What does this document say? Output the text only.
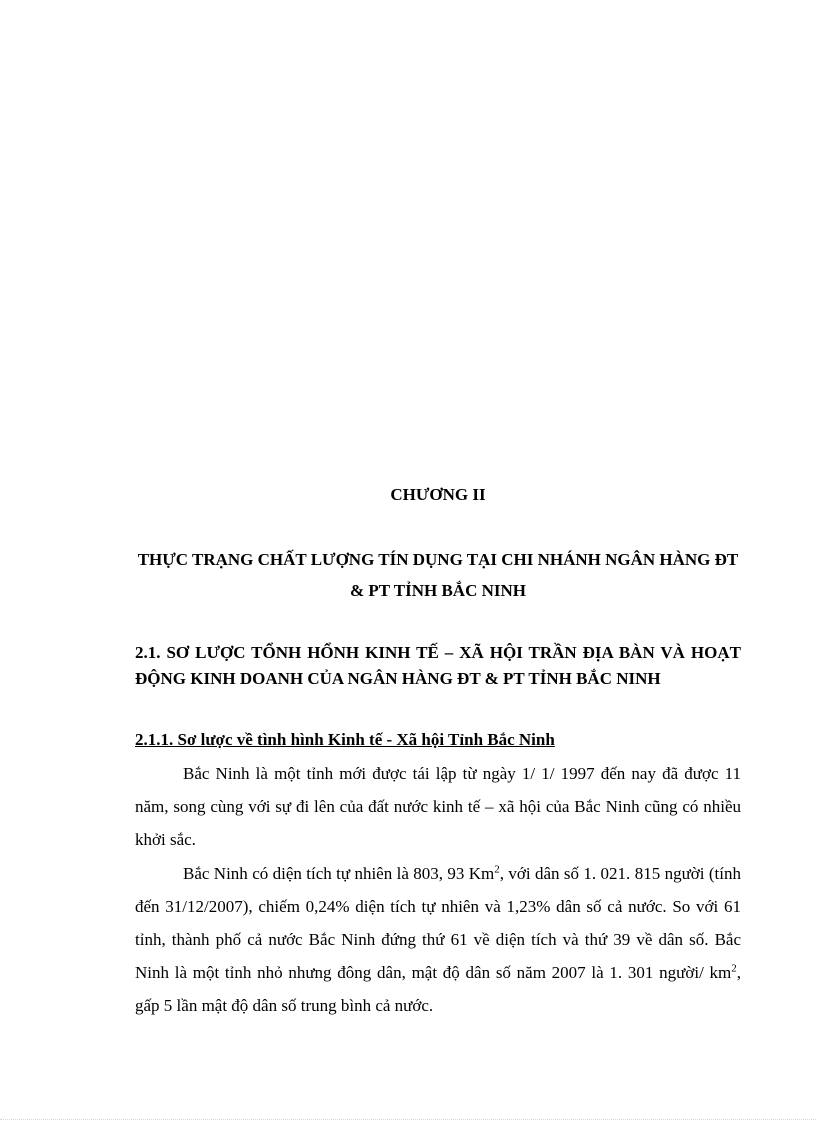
CHƯƠNG II

THỰC TRẠNG CHẤT LƯỢNG TÍN DỤNG TẠI CHI NHÁNH NGÂN HÀNG ĐT & PT TỈNH BẮC NINH

2.1. SƠ LƯỢC TỔNH HỔNH KINH TẾ – XÃ HỘI TRẦN ĐỊA BÀN VÀ HOẠT ĐỘNG KINH DOANH CỦA NGÂN HÀNG ĐT & PT TỈNH BẮC NINH

2.1.1. Sơ lược về tình hình Kinh tế - Xã hội Tỉnh Bắc Ninh

Bắc Ninh là một tỉnh mới được tái lập từ ngày 1/ 1/ 1997 đến nay đã được 11 năm, song cùng với sự đi lên của đất nước kinh tế – xã hội của Bắc Ninh cũng có nhiều khởi sắc.

Bắc Ninh có diện tích tự nhiên là 803, 93 Km$^2$, với dân số 1. 021. 815 người (tính đến 31/12/2007), chiếm 0,24% diện tích tự nhiên và 1,23% dân số cả nước. So với 61 tỉnh, thành phố cả nước Bắc Ninh đứng thứ 61 về diện tích và thứ 39 về dân số. Bắc Ninh là một tỉnh nhỏ nhưng đông dân, mật độ dân số năm 2007 là 1. 301 người/ $km^2$, gấp 5 lần mật độ dân số trung bình cả nước.
